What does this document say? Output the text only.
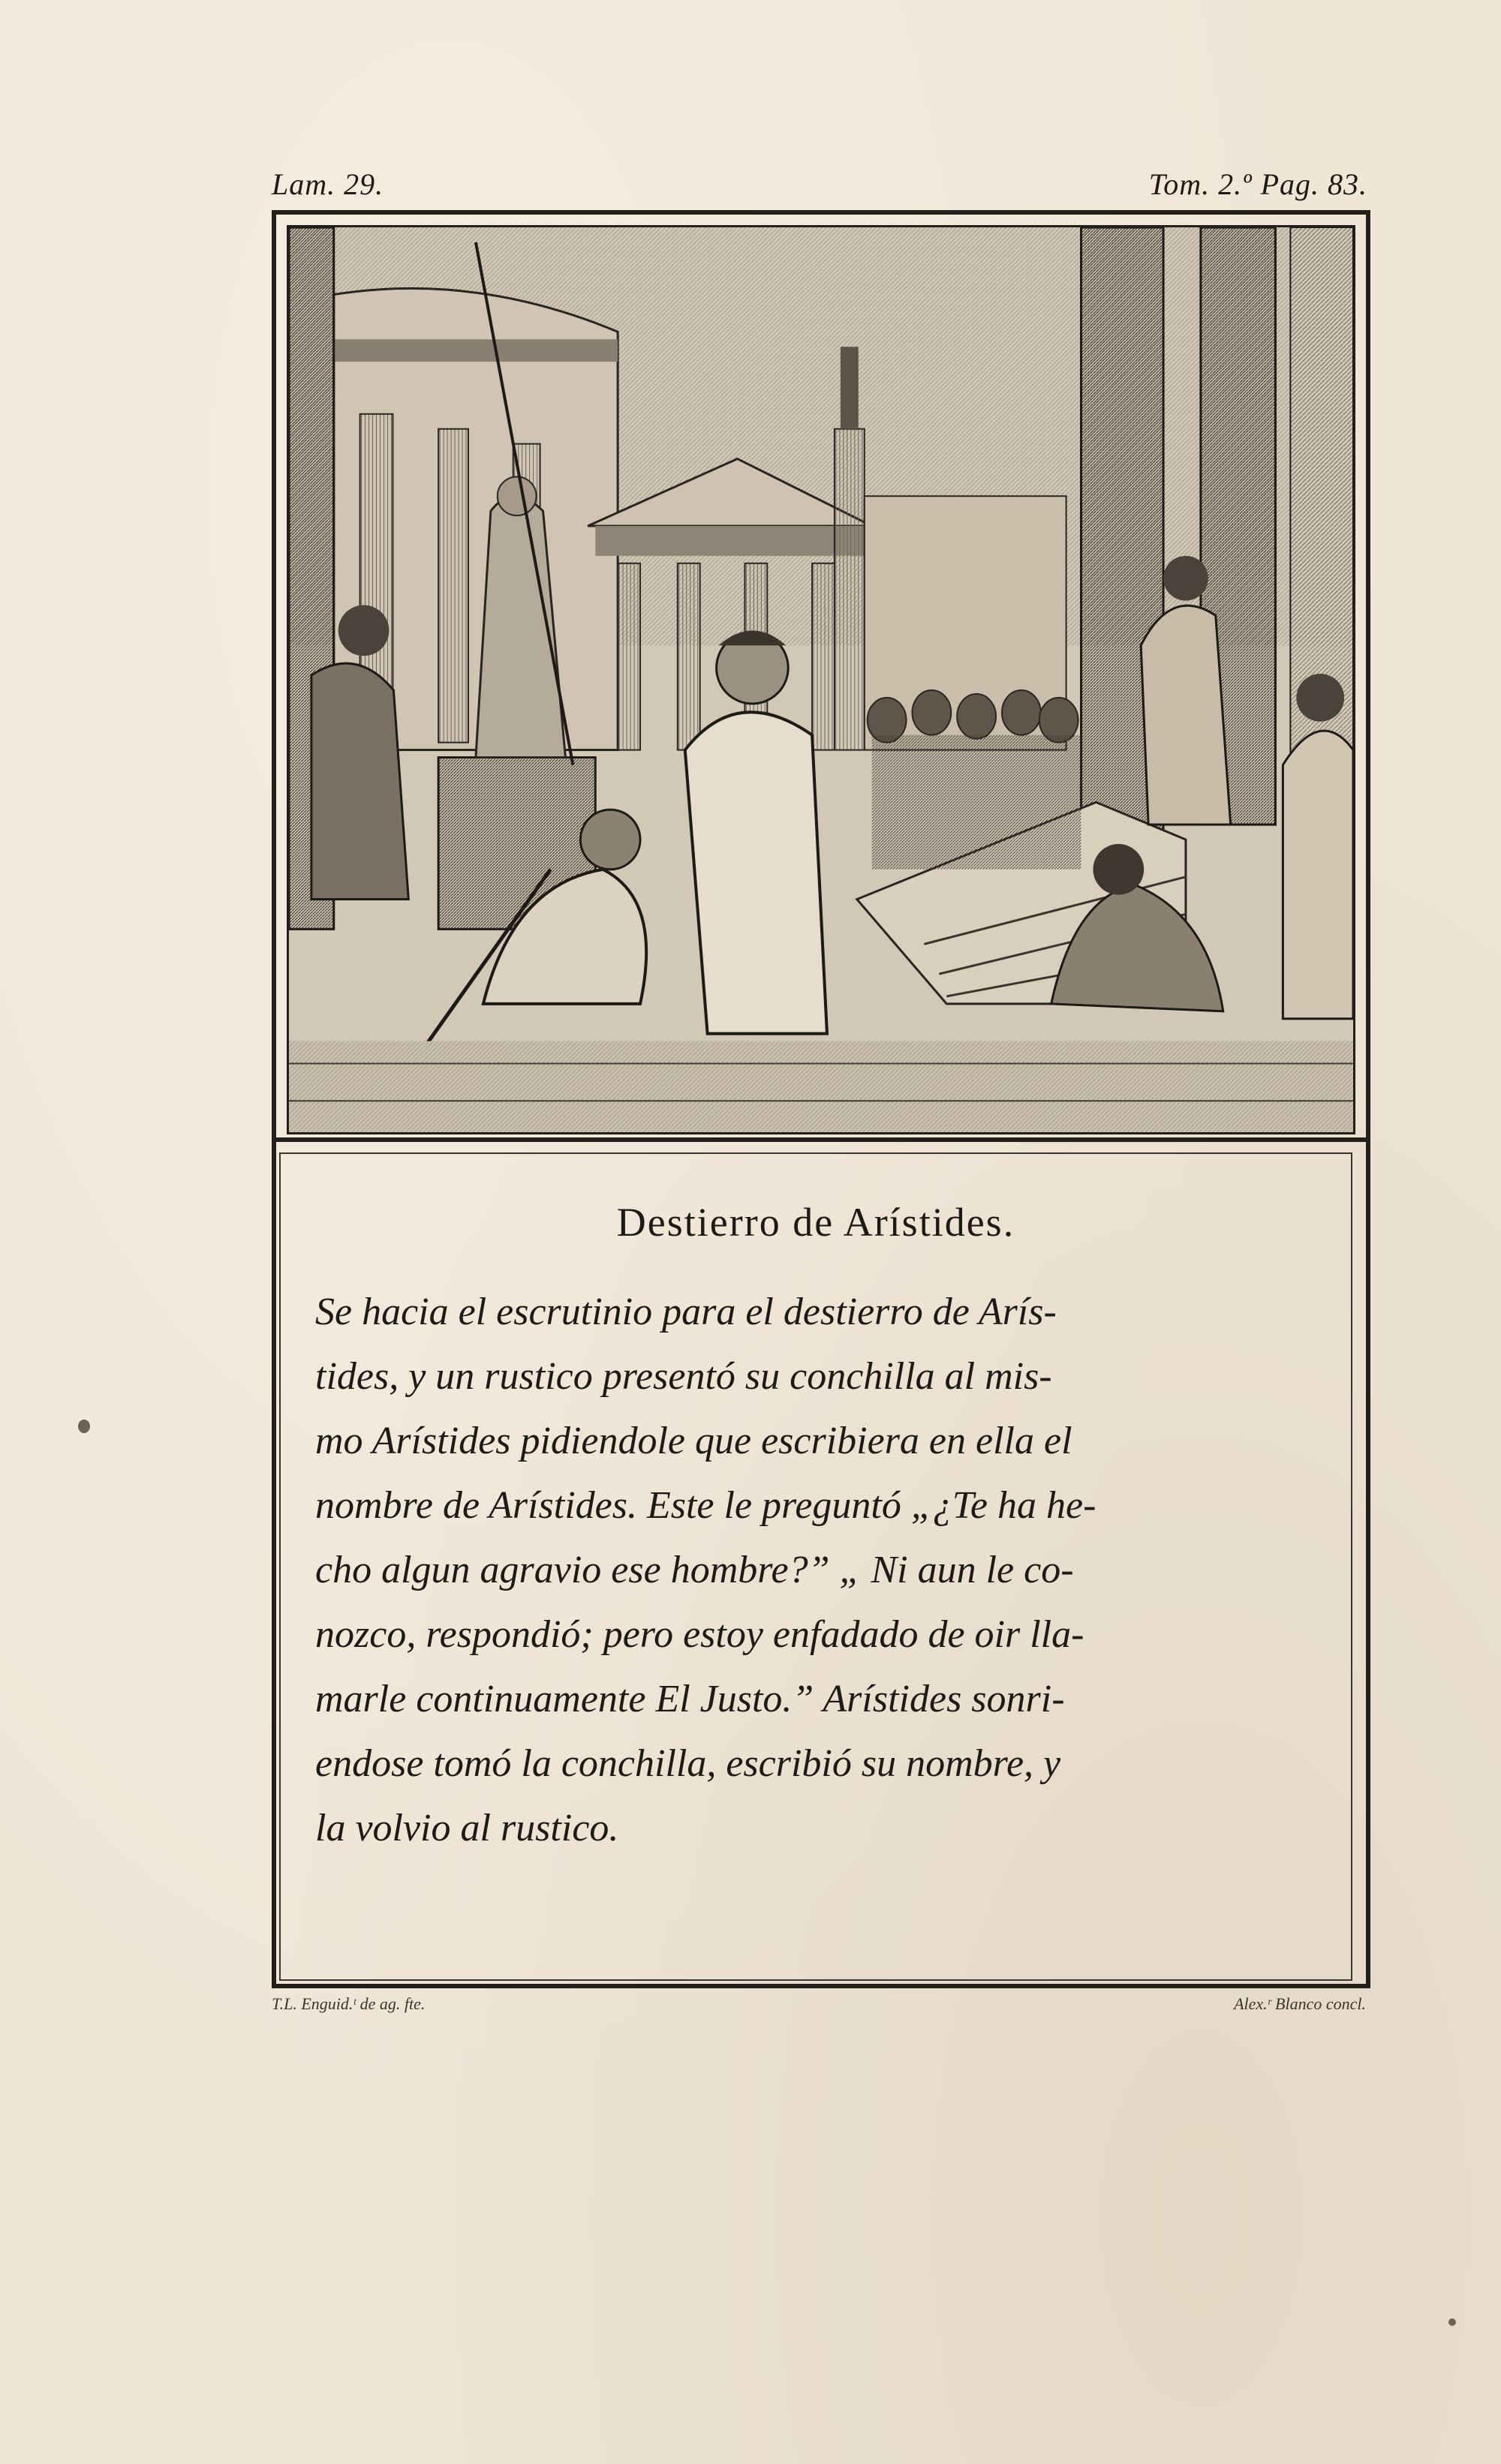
Lam. 29.	Tom. 2.º Pag. 83.
Destierro de Arístides.
Se hacia el escrutinio para el destierro de Arís-
tides, y un rustico presentó su conchilla al mis-
mo Arístides pidiendole que escribiera en ella el
nombre de Arístides. Este le preguntó „¿Te ha he-
cho algun agravio ese hombre?” „ Ni aun le co-
nozco, respondió; pero estoy enfadado de oir lla-
marle continuamente El Justo.” Arístides sonri-
endose tomó la conchilla, escribió su nombre, y
la volvio al rustico.
T.L. Enguid.ᵗ de ag. fte.	Alex.ʳ Blanco concl.
